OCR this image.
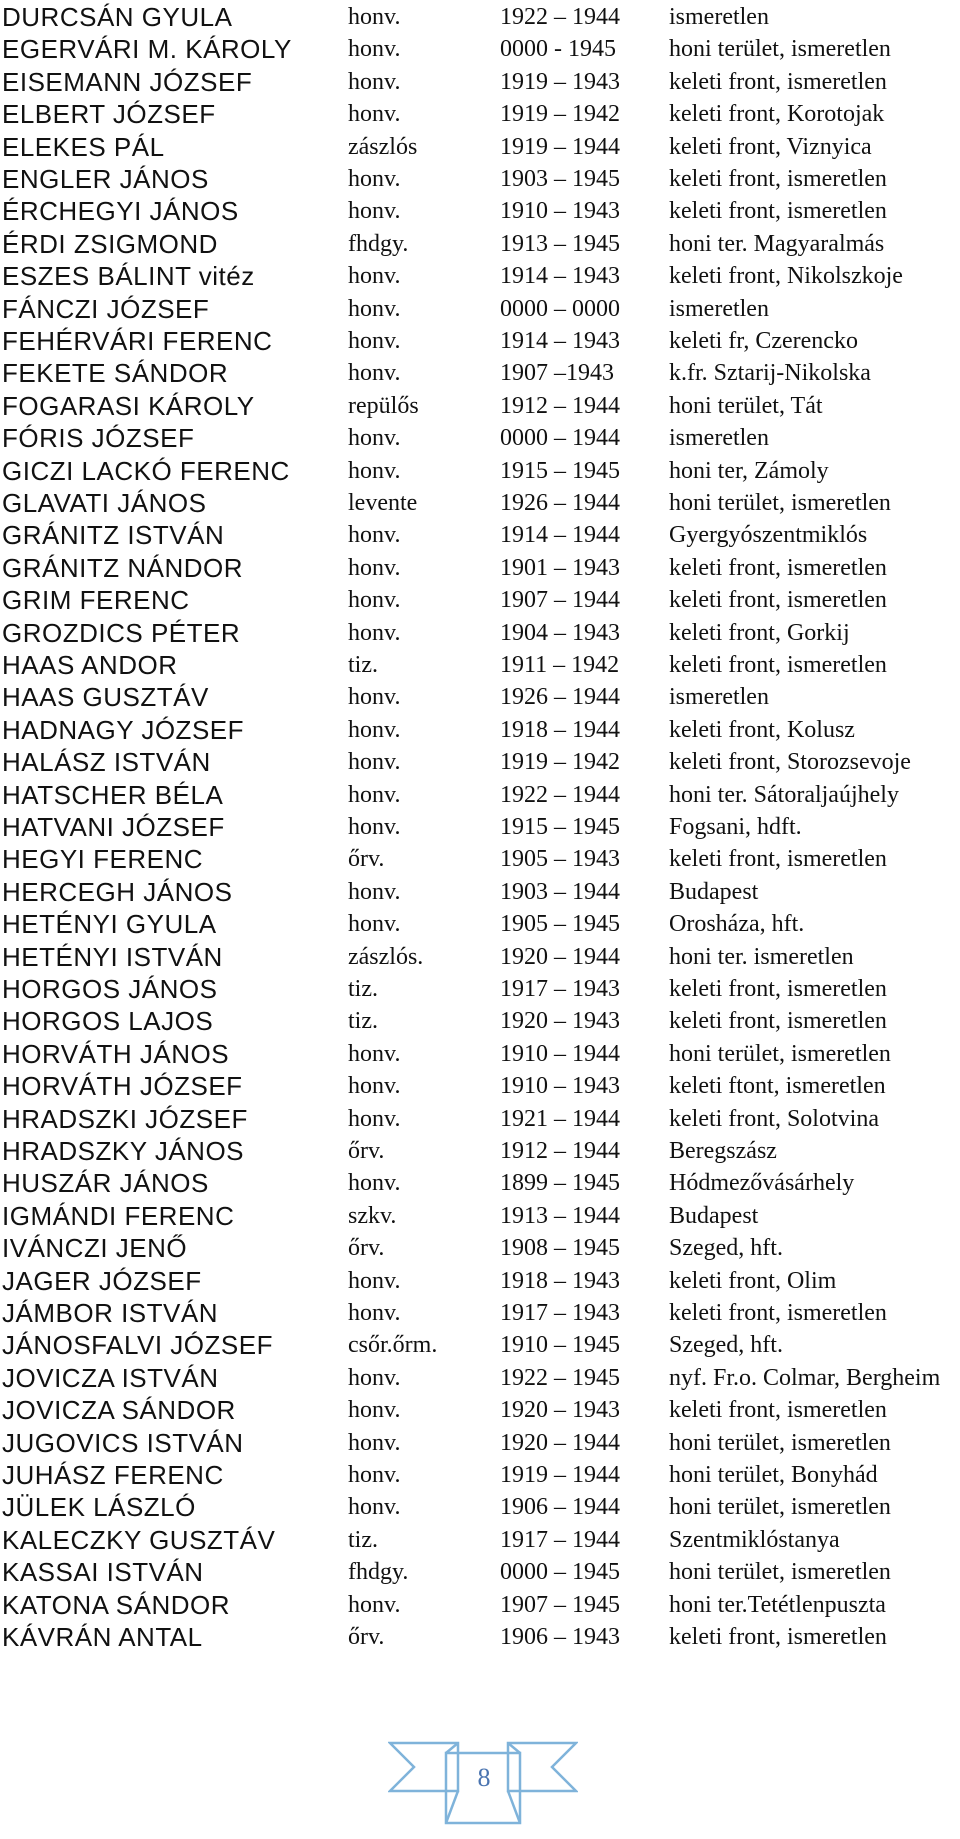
DURCSÁN GYULA	honv.	1922 – 1944 ismeretlen
EGERVÁRI M. KÁROLY honv.	0000 - 1945 honi terület, ismeretlen
EISEMANN JÓZSEF	honv.	1919 – 1943 keleti front, ismeretlen
ELBERT JÓZSEF	honv.	1919 – 1942 keleti front, Korotojak
ELEKES PÁL	zászlós	1919 – 1944 keleti front, Viznyica
ENGLER JÁNOS	honv.	1903 – 1945 keleti front, ismeretlen
ÉRCHEGYI JÁNOS	honv.	1910 – 1943 keleti front, ismeretlen
ÉRDI ZSIGMOND	fhdgy.	1913 – 1945 honi ter. Magyaralmás
ESZES BÁLINT vitéz	honv.	1914 – 1943 keleti front, Nikolszkoje
FÁNCZI JÓZSEF	honv.	0000 – 0000 ismeretlen
FEHÉRVÁRI FERENC	honv.	1914 – 1943 keleti fr, Czerencko
FEKETE SÁNDOR	honv.	1907 –1943 k.fr. Sztarij-Nikolska
FOGARASI KÁROLY	repülős	1912 – 1944 honi terület, Tát
FÓRIS JÓZSEF	honv.	0000 – 1944 ismeretlen
GICZI LACKÓ FERENC honv.	1915 – 1945 honi ter, Zámoly
GLAVATI JÁNOS	levente	1926 – 1944 honi terület, ismeretlen
GRÁNITZ ISTVÁN	honv.	1914 – 1944 Gyergyószentmiklós
GRÁNITZ NÁNDOR	honv.	1901 – 1943 keleti front, ismeretlen
GRIM FERENC	honv.	1907 – 1944 keleti front, ismeretlen
GROZDICS PÉTER	honv.	1904 – 1943 keleti front, Gorkij
HAAS ANDOR	tiz.	1911 – 1942 keleti front, ismeretlen
HAAS GUSZTÁV	honv.	1926 – 1944 ismeretlen
HADNAGY JÓZSEF	honv.	1918 – 1944 keleti front, Kolusz
HALÁSZ ISTVÁN	honv.	1919 – 1942 keleti front, Storozsevoje
HATSCHER BÉLA	honv.	1922 – 1944 honi ter. Sátoraljaújhely
HATVANI JÓZSEF	honv.	1915 – 1945 Fogsani, hdft.
HEGYI FERENC	őrv.	1905 – 1943 keleti front, ismeretlen
HERCEGH JÁNOS	honv.	1903 – 1944 Budapest
HETÉNYI GYULA	honv.	1905 – 1945 Orosháza, hft.
HETÉNYI ISTVÁN	zászlós.	1920 – 1944 honi ter. ismeretlen
HORGOS JÁNOS	tiz.	1917 – 1943 keleti front, ismeretlen
HORGOS LAJOS	tiz.	1920 – 1943 keleti front, ismeretlen
HORVÁTH JÁNOS	honv.	1910 – 1944 honi terület, ismeretlen
HORVÁTH JÓZSEF	honv.	1910 – 1943 keleti ftont, ismeretlen
HRADSZKI JÓZSEF	honv.	1921 – 1944 keleti front, Solotvina
HRADSZKY JÁNOS	őrv.	1912 – 1944 Beregszász
HUSZÁR JÁNOS	honv.	1899 – 1945 Hódmezővásárhely
IGMÁNDI FERENC	szkv.	1913 – 1944 Budapest
IVÁNCZI JENŐ	őrv.	1908 – 1945 Szeged, hft.
JAGER JÓZSEF	honv.	1918 – 1943 keleti front, Olim
JÁMBOR ISTVÁN	honv.	1917 – 1943 keleti front, ismeretlen
JÁNOSFALVI JÓZSEF	csőr.őrm.	1910 – 1945 Szeged, hft.
JOVICZA ISTVÁN	honv.	1922 – 1945 nyf. Fr.o. Colmar, Bergheim
JOVICZA SÁNDOR	honv.	1920 – 1943 keleti front, ismeretlen
JUGOVICS ISTVÁN	honv.	1920 – 1944 honi terület, ismeretlen
JUHÁSZ FERENC	honv.	1919 – 1944 honi terület, Bonyhád
JÜLEK LÁSZLÓ	honv.	1906 – 1944 honi terület, ismeretlen
KALECZKY GUSZTÁV	tiz.	1917 – 1944 Szentmiklóstanya
KASSAI ISTVÁN	fhdgy.	0000 – 1945 honi terület, ismeretlen
KATONA SÁNDOR	honv.	1907 – 1945 honi ter.Tetétlenpuszta
KÁVRÁN ANTAL	őrv.	1906 – 1943 keleti front, ismeretlen
8
